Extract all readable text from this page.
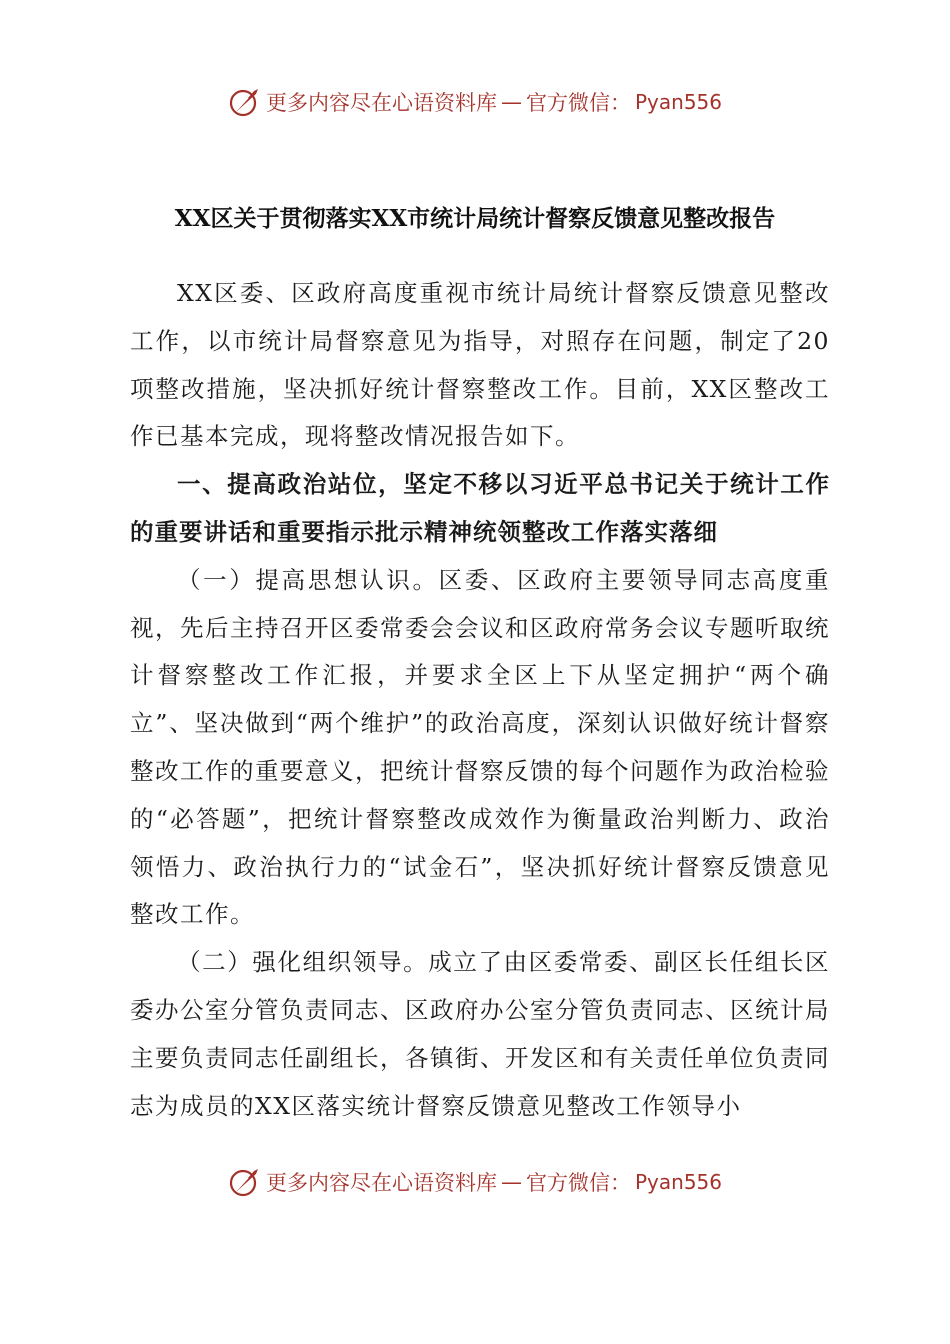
更多内容尽在心语资料库 — 官方微信： Pyan556
XX区关于贯彻落实XX市统计局统计督察反馈意见整改报告

XX区委、区政府高度重视市统计局统计督察反馈意见整改工作，以市统计局督察意见为指导，对照存在问题，制定了20项整改措施，坚决抓好统计督察整改工作。目前，XX区整改工作已基本完成，现将整改情况报告如下。

一、提高政治站位，坚定不移以习近平总书记关于统计工作的重要讲话和重要指示批示精神统领整改工作落实落细

（一）提高思想认识。区委、区政府主要领导同志高度重视，先后主持召开区委常委会会议和区政府常务会议专题听取统计督察整改工作汇报，并要求全区上下从坚定拥护“两个确立”、坚决做到“两个维护”的政治高度，深刻认识做好统计督察整改工作的重要意义，把统计督察反馈的每个问题作为政治检验的“必答题”，把统计督察整改成效作为衡量政治判断力、政治领悟力、政治执行力的“试金石”，坚决抓好统计督察反馈意见整改工作。

（二）强化组织领导。成立了由区委常委、副区长任组长区委办公室分管负责同志、区政府办公室分管负责同志、区统计局主要负责同志任副组长，各镇街、开发区和有关责任单位负责同志为成员的XX区落实统计督察反馈意见整改工作领导小

更多内容尽在心语资料库 — 官方微信： Pyan556
